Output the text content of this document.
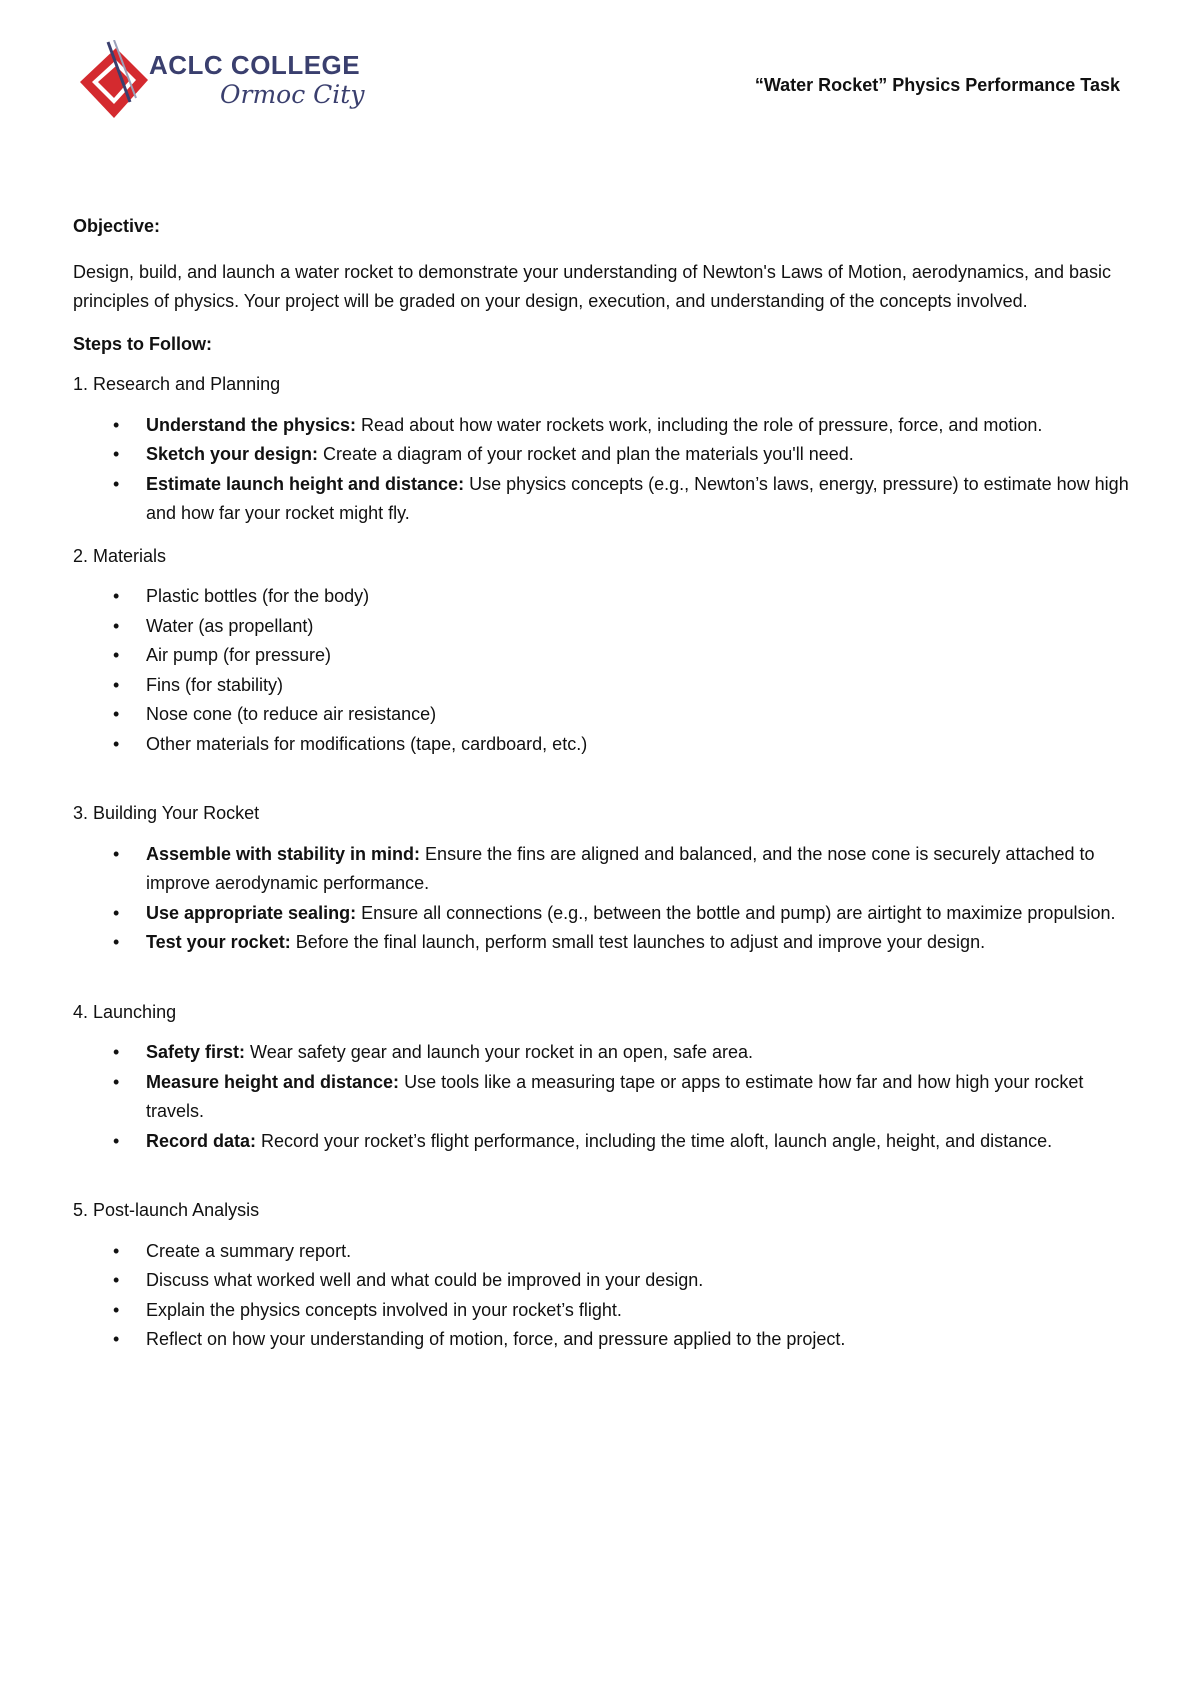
ACLC COLLEGE
Ormoc City	“Water Rocket” Physics Performance Task

Objective:

Design, build, and launch a water rocket to demonstrate your understanding of Newton's Laws of Motion, aerodynamics, and basic principles of physics. Your project will be graded on your design, execution, and understanding of the concepts involved.

Steps to Follow:

1. Research and Planning

• Understand the physics: Read about how water rockets work, including the role of pressure, force, and motion.
• Sketch your design: Create a diagram of your rocket and plan the materials you'll need.
• Estimate launch height and distance: Use physics concepts (e.g., Newton’s laws, energy, pressure) to estimate how high and how far your rocket might fly.

2. Materials

• Plastic bottles (for the body)
• Water (as propellant)
• Air pump (for pressure)
• Fins (for stability)
• Nose cone (to reduce air resistance)
• Other materials for modifications (tape, cardboard, etc.)

3. Building Your Rocket

• Assemble with stability in mind: Ensure the fins are aligned and balanced, and the nose cone is securely attached to improve aerodynamic performance.
• Use appropriate sealing: Ensure all connections (e.g., between the bottle and pump) are airtight to maximize propulsion.
• Test your rocket: Before the final launch, perform small test launches to adjust and improve your design.

4. Launching

• Safety first: Wear safety gear and launch your rocket in an open, safe area.
• Measure height and distance: Use tools like a measuring tape or apps to estimate how far and how high your rocket travels.
• Record data: Record your rocket’s flight performance, including the time aloft, launch angle, height, and distance.

5. Post-launch Analysis

• Create a summary report.
• Discuss what worked well and what could be improved in your design.
• Explain the physics concepts involved in your rocket’s flight.
• Reflect on how your understanding of motion, force, and pressure applied to the project.
